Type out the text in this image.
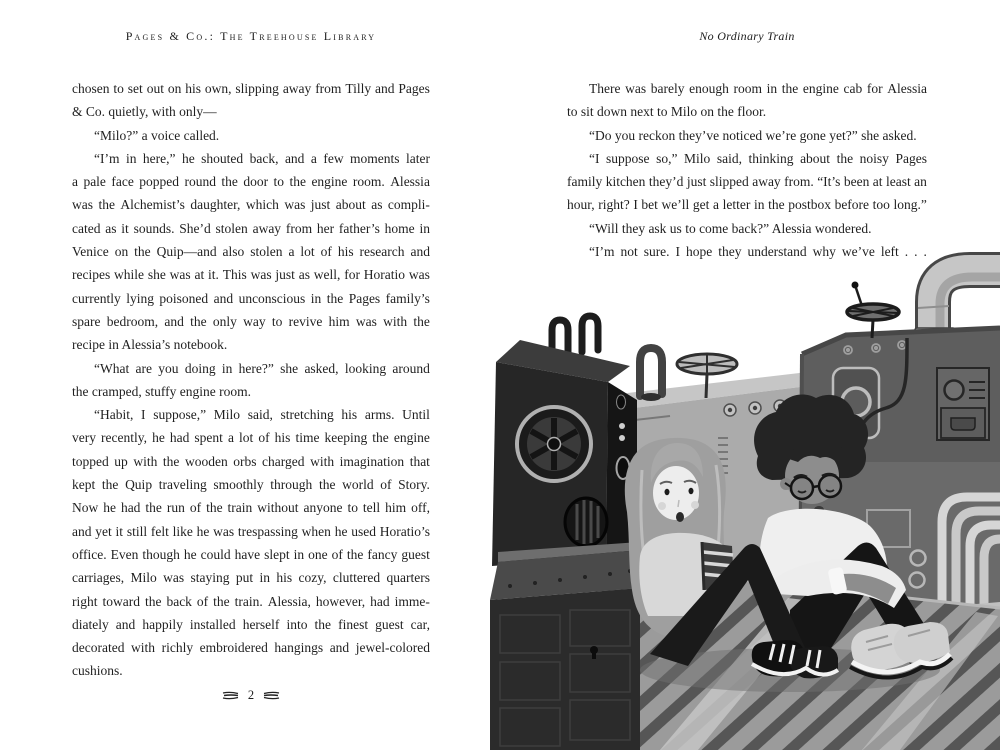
Pages & Co.: The Treehouse Library
chosen to set out on his own, slipping away from Tilly and Pages
& Co. quietly, with only—
“Milo?” a voice called.
“I’m in here,” he shouted back, and a few moments later
a pale face popped round the door to the engine room. Alessia
was the Alchemist’s daughter, which was just about as compli-
cated as it sounds. She’d stolen away from her father’s home in
Venice on the Quip—and also stolen a lot of his research and
recipes while she was at it. This was just as well, for Horatio was
currently lying poisoned and unconscious in the Pages family’s
spare bedroom, and the only way to revive him was with the
recipe in Alessia’s notebook.
“What are you doing in here?” she asked, looking around
the cramped, stuffy engine room.
“Habit, I suppose,” Milo said, stretching his arms. Until
very recently, he had spent a lot of his time keeping the engine
topped up with the wooden orbs charged with imagination that
kept the Quip traveling smoothly through the world of Story.
Now he had the run of the train without anyone to tell him off,
and yet it still felt like he was trespassing when he used Horatio’s
office. Even though he could have slept in one of the fancy guest
carriages, Milo was staying put in his cozy, cluttered quarters
right toward the back of the train. Alessia, however, had imme-
diately and happily installed herself into the finest guest car,
decorated with richly embroidered hangings and jewel-colored
cushions.
2
No Ordinary Train
There was barely enough room in the engine cab for Alessia
to sit down next to Milo on the floor.
“Do you reckon they’ve noticed we’re gone yet?” she asked.
“I suppose so,” Milo said, thinking about the noisy Pages
family kitchen they’d just slipped away from. “It’s been at least an
hour, right? I bet we’ll get a letter in the postbox before too long.”
“Will they ask us to come back?” Alessia wondered.
“I’m not sure. I hope they understand why we’ve left . . .
